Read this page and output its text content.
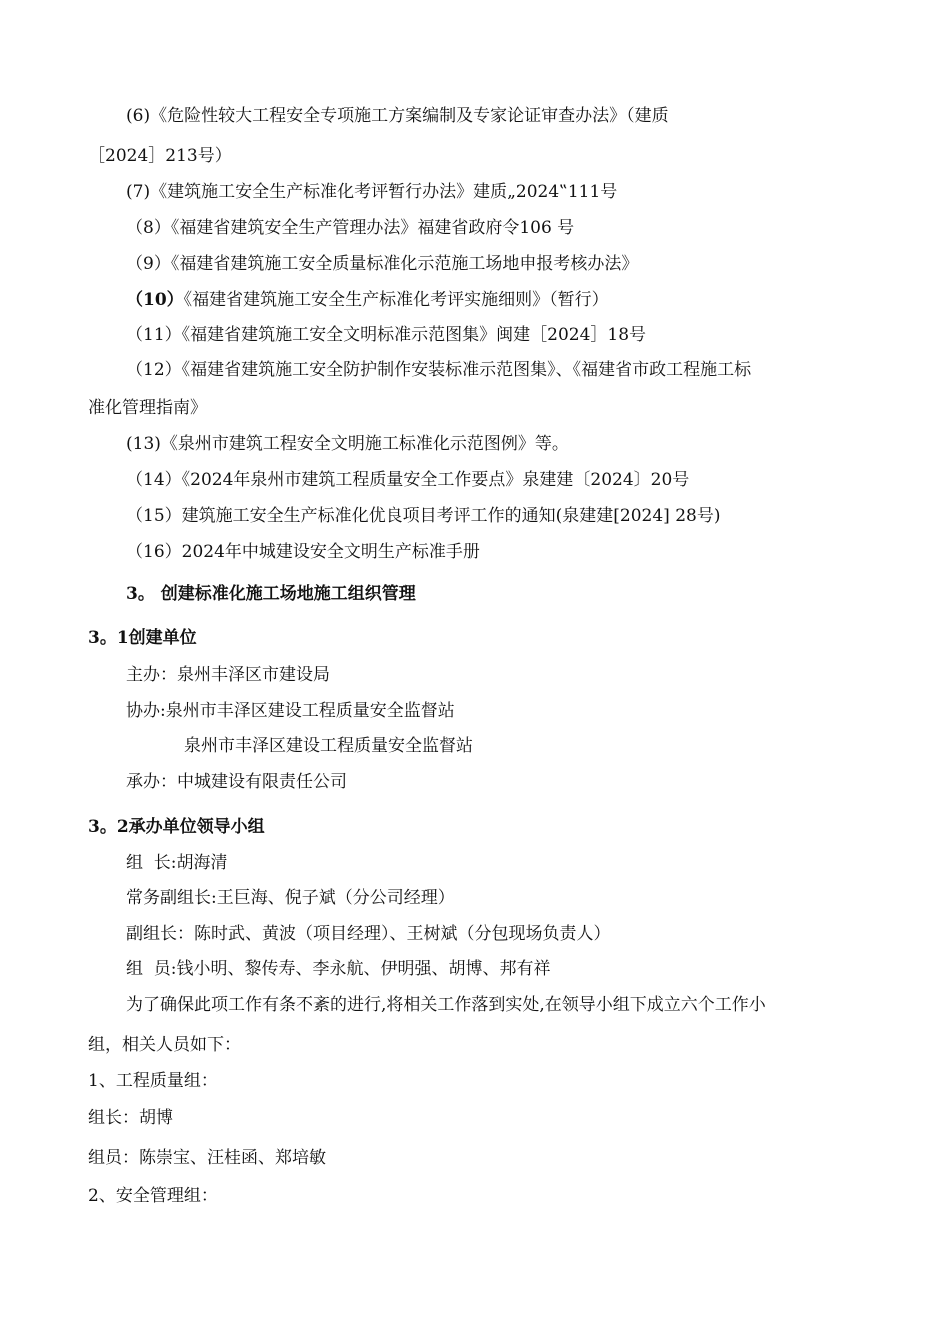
(6)《危险性较大工程安全专项施工方案编制及专家论证审查办法》（建质
［2024］213号）
(7)《建筑施工安全生产标准化考评暂行办法》建质„2024‟111号
（8）《福建省建筑安全生产管理办法》福建省政府令106 号
（9）《福建省建筑施工安全质量标准化示范施工场地申报考核办法》
（10）《福建省建筑施工安全生产标准化考评实施细则》（暂行）
（11）《福建省建筑施工安全文明标准示范图集》闽建［2024］18号
（12）《福建省建筑施工安全防护制作安装标准示范图集》、《福建省市政工程施工标
准化管理指南》
(13)《泉州市建筑工程安全文明施工标准化示范图例》等。
（14）《2024年泉州市建筑工程质量安全工作要点》泉建建〔2024〕20号
（15）建筑施工安全生产标准化优良项目考评工作的通知(泉建建[2024] 28号)
（16）2024年中城建设安全文明生产标准手册
3。 创建标准化施工场地施工组织管理
3。1创建单位
主办：泉州丰泽区市建设局
协办:泉州市丰泽区建设工程质量安全监督站
泉州市丰泽区建设工程质量安全监督站
承办：中城建设有限责任公司
3。2承办单位领导小组
组  长:胡海清
常务副组长:王巨海、倪子斌（分公司经理）
副组长：陈时武、黄波（项目经理）、王树斌（分包现场负责人）
组  员:钱小明、黎传寿、李永航、伊明强、胡博、邦有祥
为了确保此项工作有条不紊的进行,将相关工作落到实处,在领导小组下成立六个工作小
组，相关人员如下：
1、工程质量组：
组长：胡博
组员：陈崇宝、汪桂函、郑培敏
2、安全管理组：
